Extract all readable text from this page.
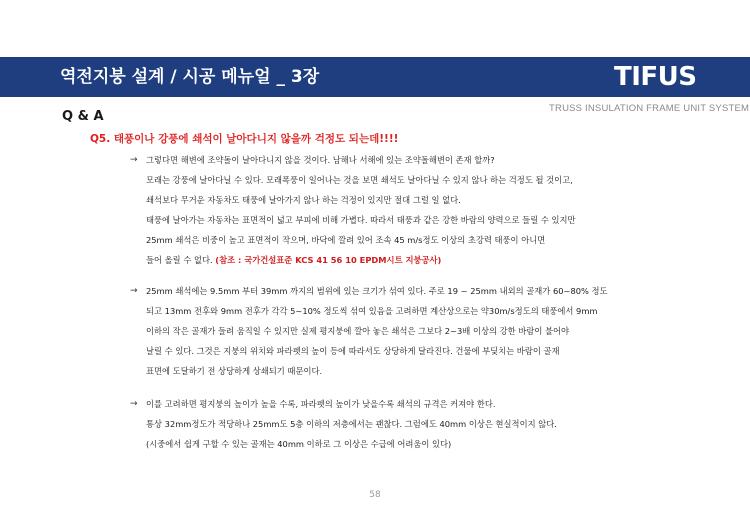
역전지붕 설계 / 시공 메뉴얼 _ 3장	TIFUS
TRUSS INSULATION FRAME UNIT SYSTEM
Q & A
Q5. 태풍이나 강풍에 쇄석이 날아다니지 않을까 걱정도 되는데!!!!
→ 그렇다면 해변에 조약돌이 날아다니지 않을 것이다. 남해나 서해에 있는 조약돌해변이 존재 할까?
모래는 강풍에 날아다닐 수 있다. 모래폭풍이 일어나는 것을 보면 쇄석도 날아다닐 수 있지 않나 하는 걱정도 될 것이고,
쇄석보다 무거운 자동차도 태풍에 날아가지 않나 하는 걱정이 있지만 절대 그럴 일 없다.
태풍에 날아가는 자동차는 표면적이 넓고 부피에 비해 가볍다. 따라서 태풍과 같은 강한 바람의 양력으로 들릴 수 있지만
25mm 쇄석은 비중이 높고 표면적이 작으며, 바닥에 깔려 있어 조속 45 m/s정도 이상의 초강력 태풍이 아니면
들어 올릴 수 없다. (참조 : 국가건설표준 KCS 41 56 10 EPDM시트 지붕공사)
→ 25mm 쇄석에는 9.5mm 부터 39mm 까지의 범위에 있는 크기가 섞여 있다. 주로 19 ~ 25mm 내외의 골재가 60~80% 정도
되고 13mm 전후와 9mm 전후가 각각 5~10% 정도씩 섞여 있음을 고려하면 계산상으로는 약30m/s정도의 태풍에서 9mm
이하의 작은 골재가 들려 움직일 수 있지만 실제 평지붕에 깔아 놓은 쇄석은 그보다 2~3배 이상의 강한 바람이 불어야
날릴 수 있다. 그것은 지붕의 위치와 파라펫의 높이 등에 따라서도 상당하게 달라진다. 건물에 부딪치는 바람이 골재
표면에 도달하기 전 상당하게 상쇄되기 때문이다.
→ 이를 고려하면 평지붕의 높이가 높을 수록, 파라펫의 높이가 낮을수록 쇄석의 규격은 커져야 한다.
통상 32mm정도가 적당하나 25mm도 5층 이하의 저층에서는 괜찮다. 그럼에도 40mm 이상은 현실적이지 않다.
(시중에서 쉽게 구할 수 있는 골재는 40mm 이하로 그 이상은 수급에 어려움이 있다)
58
